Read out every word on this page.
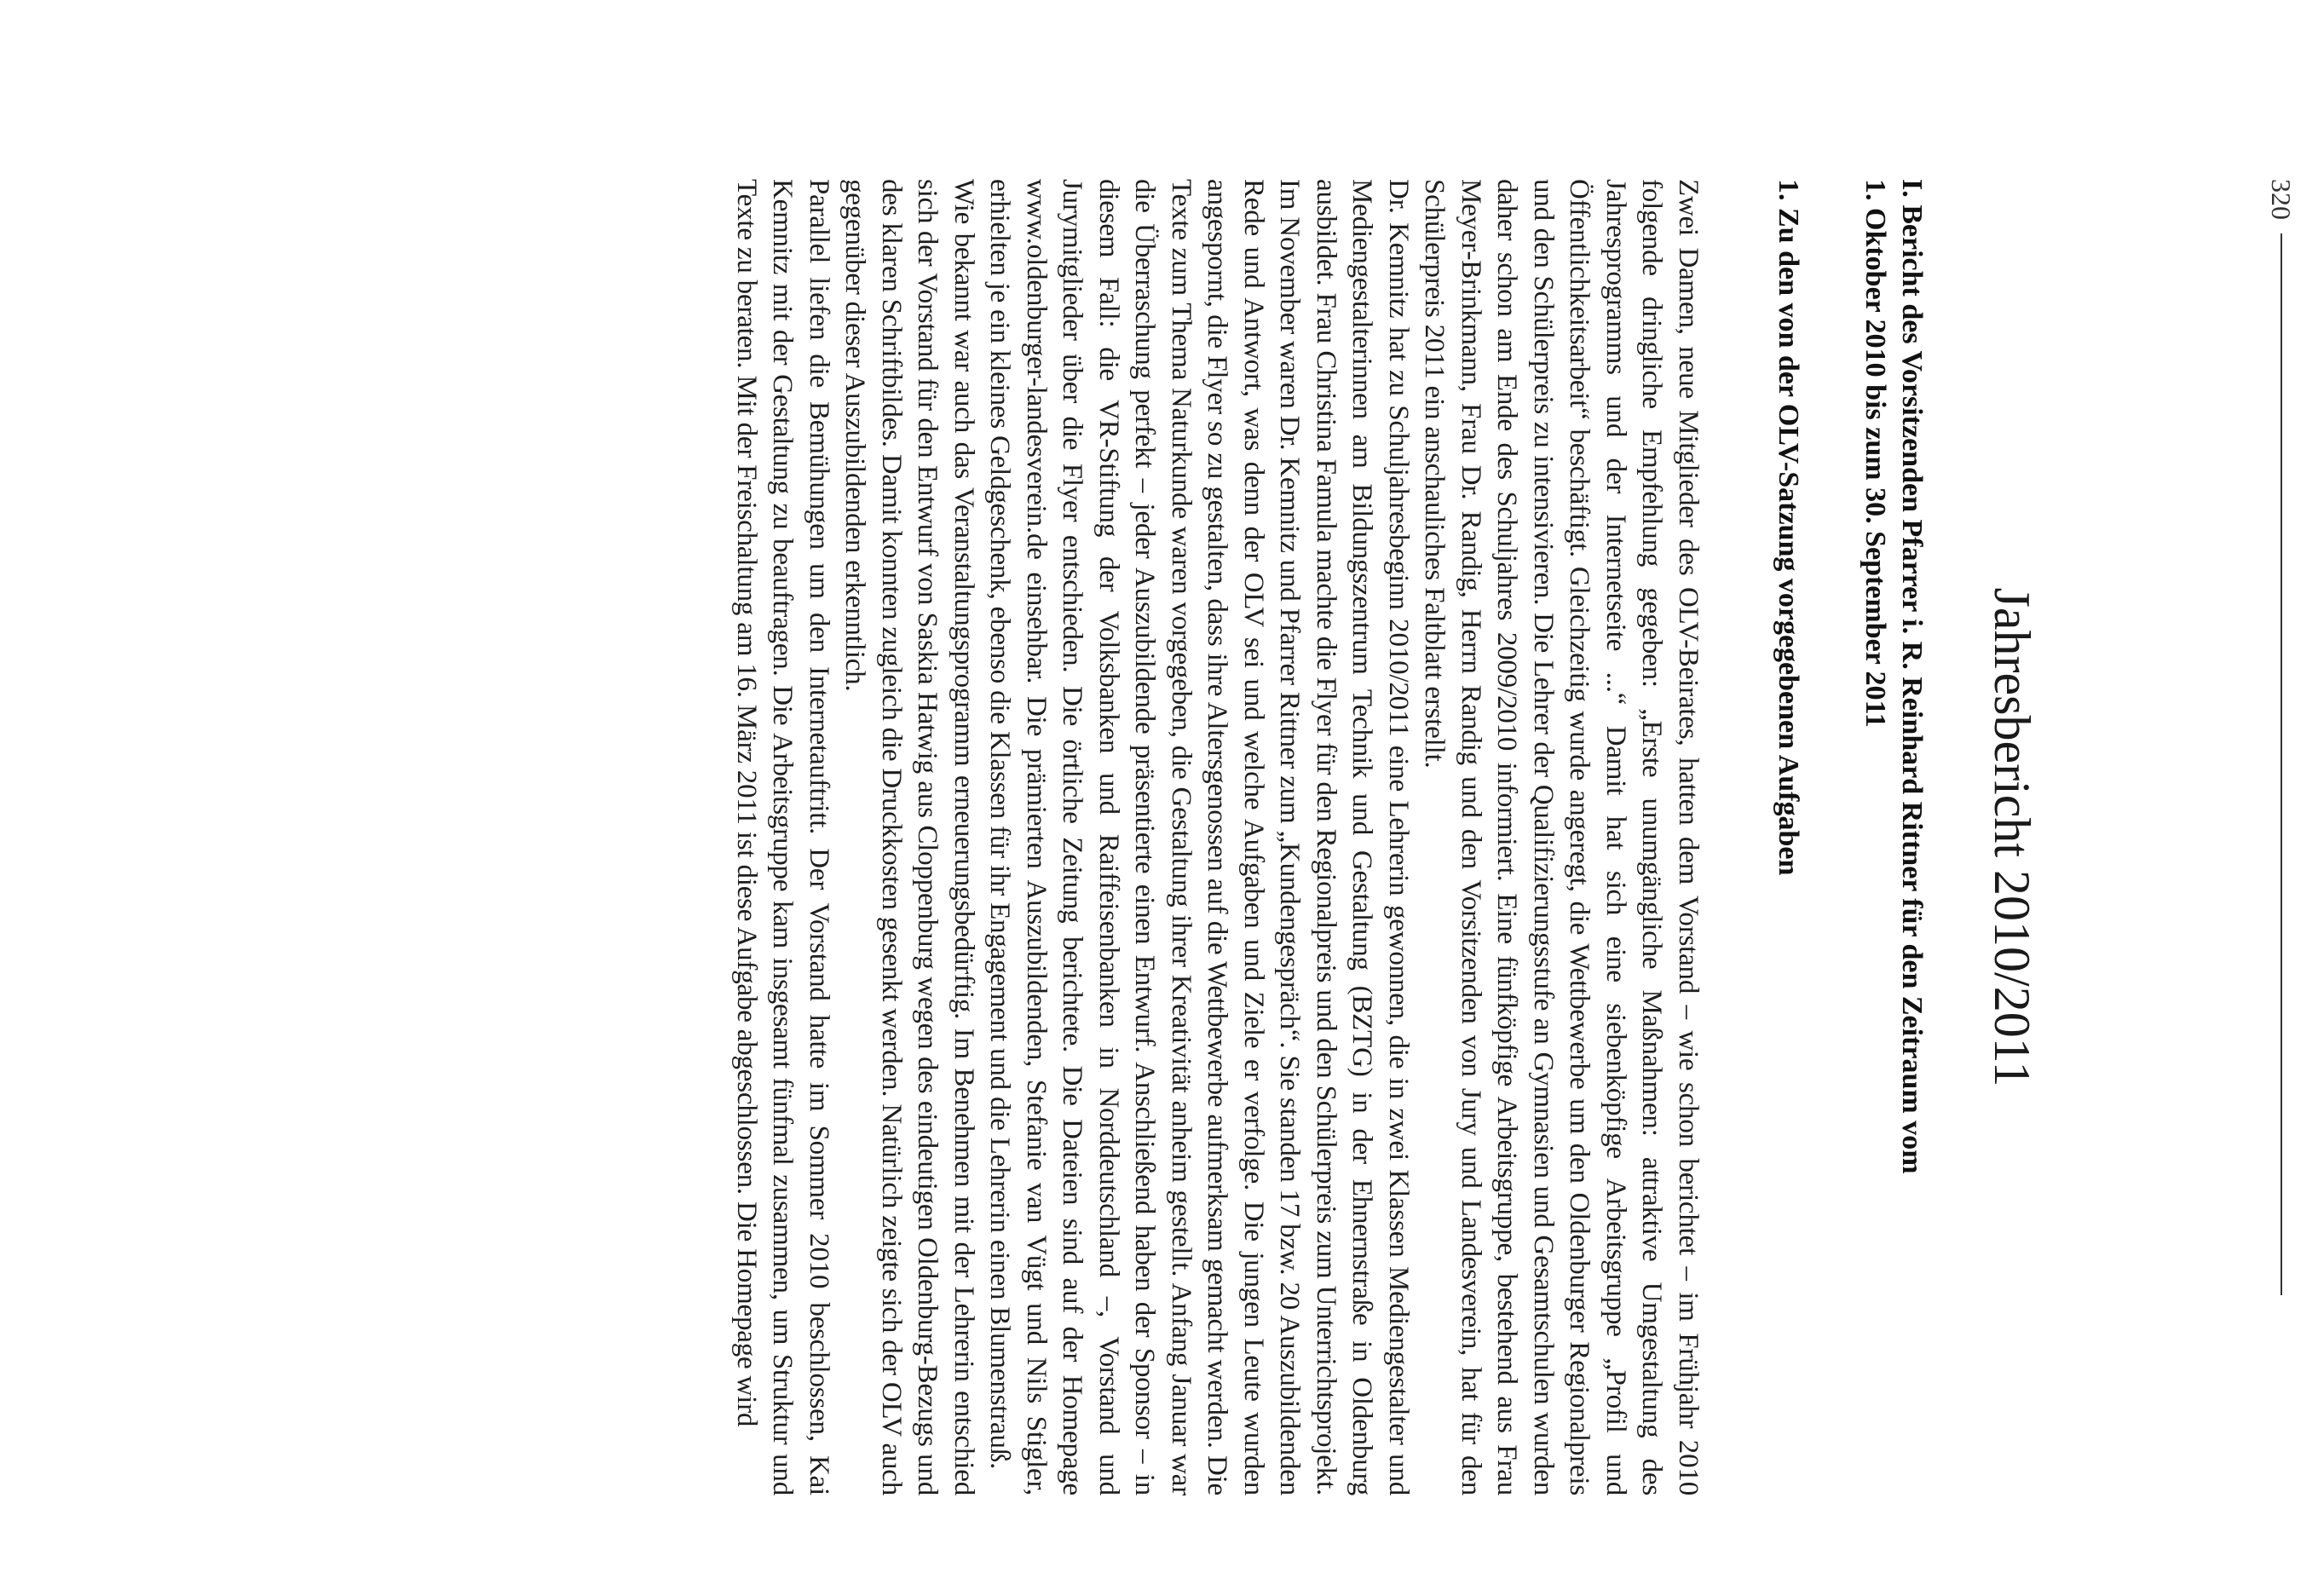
320
Jahresbericht 2010/2011
I. Bericht des Vorsitzenden Pfarrer i. R. Reinhard Rittner für den Zeitraum vom
1. Oktober 2010 bis zum 30. September 2011
1. Zu den von der OLV-Satzung vorgegebenen Aufgaben

Zwei Damen, neue Mitglieder des OLV-Beirates, hatten dem Vorstand – wie schon berichtet – im Frühjahr 2010 folgende dringliche Empfehlung gegeben: „Erste unumgängliche Maßnahmen: attraktive Umgestaltung des Jahresprogramms und der Internetseite ...“ Damit hat sich eine siebenköpfige Arbeitsgruppe „Profil und Öffentlichkeitsarbeit“ beschäftigt. Gleichzeitig wurde angeregt, die Wettbewerbe um den Oldenburger Regionalpreis und den Schülerpreis zu intensivieren. Die Lehrer der Qualifizierungsstufe an Gymnasien und Gesamtschulen wurden daher schon am Ende des Schuljahres 2009/2010 informiert. Eine fünfköpfige Arbeitsgruppe, bestehend aus Frau Meyer-Brinkmann, Frau Dr. Randig, Herrn Randig und den Vorsitzenden von Jury und Landesverein, hat für den Schülerpreis 2011 ein anschauliches Faltblatt erstellt.

Dr. Kemnitz hat zu Schuljahresbeginn 2010/2011 eine Lehrerin gewonnen, die in zwei Klassen Mediengestalter und Mediengestalterinnen am Bildungszentrum Technik und Gestaltung (BZTG) in der Ehnernstraße in Oldenburg ausbildet. Frau Christina Famula machte die Flyer für den Regionalpreis und den Schülerpreis zum Unterrichtsprojekt. Im November waren Dr. Kemnitz und Pfarrer Rittner zum „Kundengespräch“. Sie standen 17 bzw. 20 Auszubildenden Rede und Antwort, was denn der OLV sei und welche Aufgaben und Ziele er verfolge. Die jungen Leute wurden angespornt, die Flyer so zu gestalten, dass ihre Altersgenossen auf die Wettbewerbe aufmerksam gemacht werden. Die Texte zum Thema Naturkunde waren vorgegeben, die Gestaltung ihrer Kreativität anheim gestellt. Anfang Januar war die Überraschung perfekt – jeder Auszubildende präsentierte einen Entwurf. Anschließend haben der Sponsor – in diesem Fall: die VR-Stiftung der Volksbanken und Raiffeisenbanken in Norddeutschland –, Vorstand und Jurymitglieder über die Flyer entschieden. Die örtliche Zeitung berichtete. Die Dateien sind auf der Homepage www.oldenburger-landesverein.de einsehbar. Die prämierten Auszubildenden, Stefanie van Vügt und Nils Stigler, erhielten je ein kleines Geldgeschenk, ebenso die Klassen für ihr Engagement und die Lehrerin einen Blumenstrauß.

Wie bekannt war auch das Veranstaltungsprogramm erneuerungsbedürftig. Im Benehmen mit der Lehrerin entschied sich der Vorstand für den Entwurf von Saskia Hatwig aus Cloppenburg wegen des eindeutigen Oldenburg-Bezugs und des klaren Schriftbildes. Damit konnten zugleich die Druckkosten gesenkt werden. Natürlich zeigte sich der OLV auch gegenüber dieser Auszubildenden erkenntlich.

Parallel liefen die Bemühungen um den Internetauftritt. Der Vorstand hatte im Sommer 2010 beschlossen, Kai Kemnitz mit der Gestaltung zu beauftragen. Die Arbeitsgruppe kam insgesamt fünfmal zusammen, um Struktur und Texte zu beraten. Mit der Freischaltung am 16. März 2011 ist diese Aufgabe abgeschlossen. Die Homepage wird
